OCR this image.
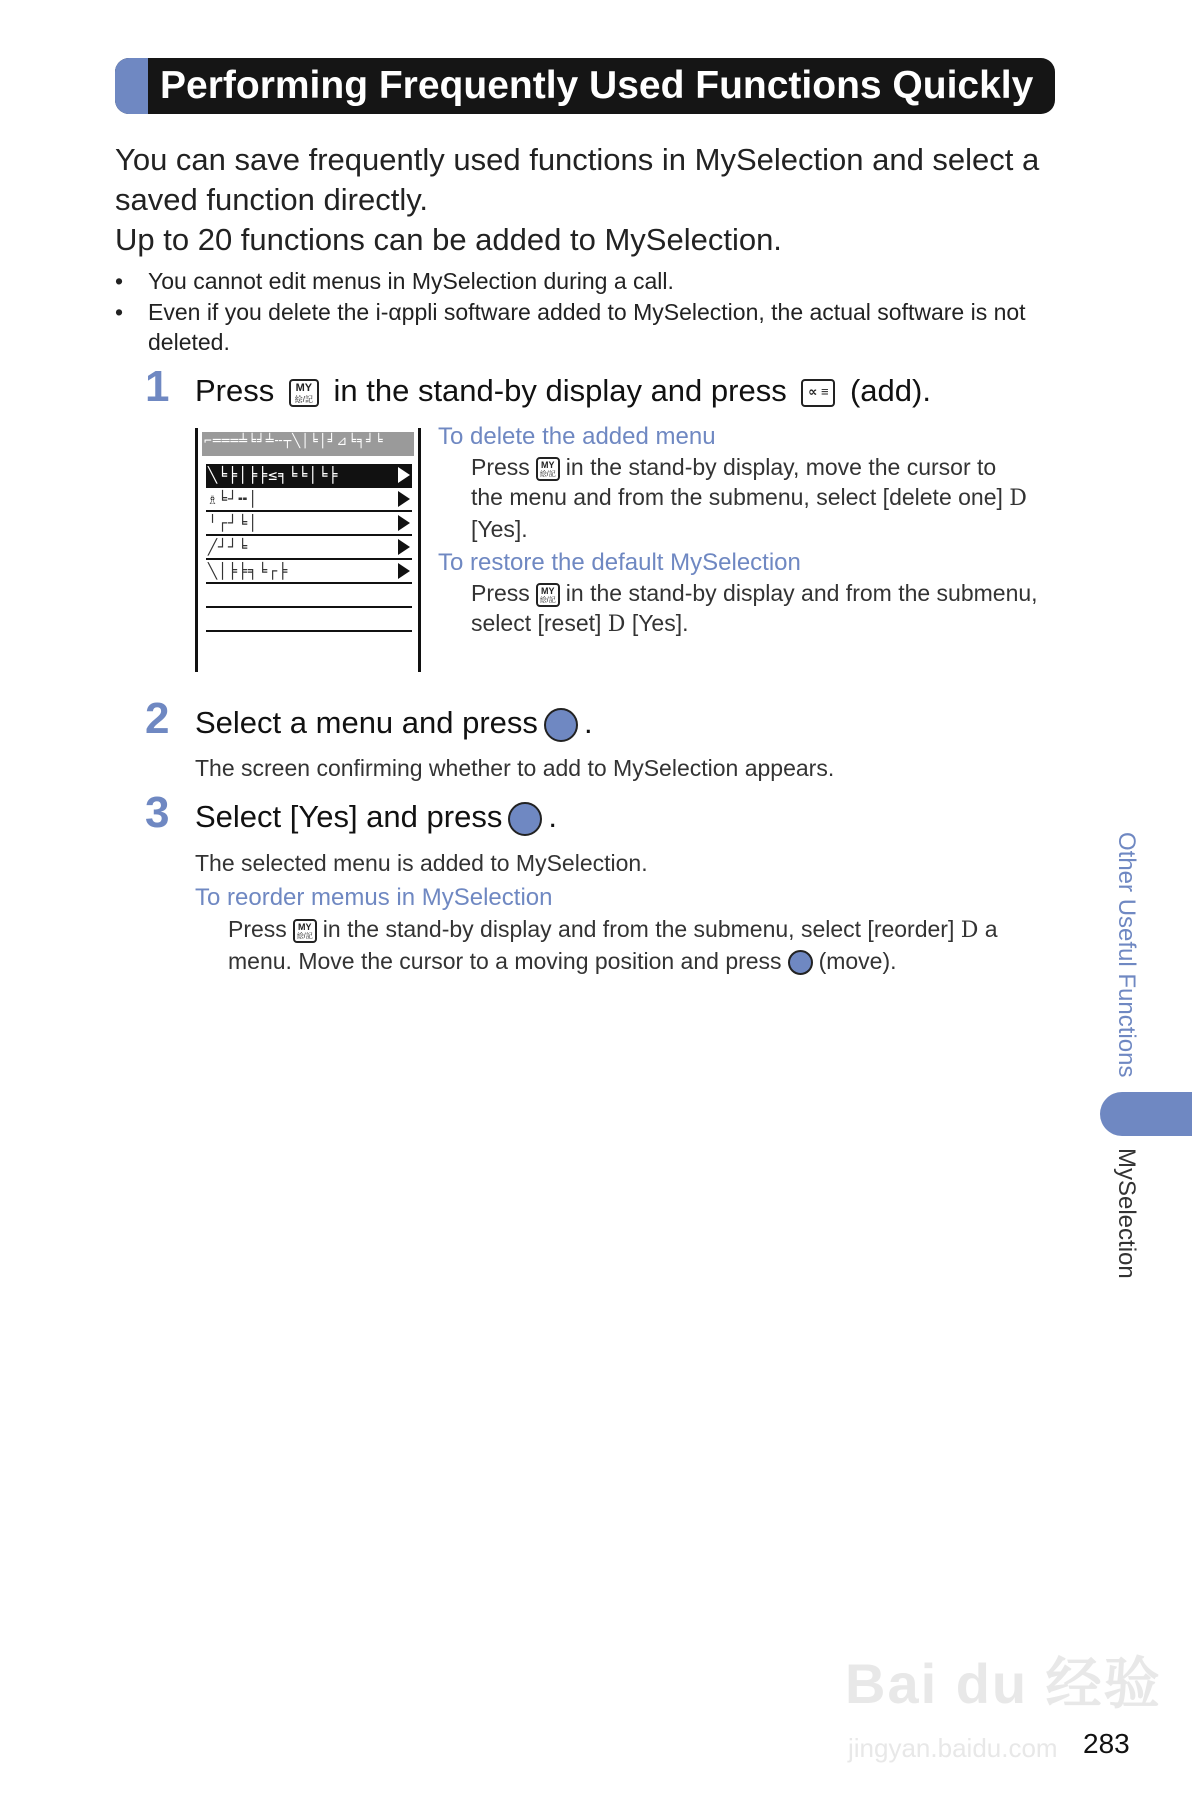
Performing Frequently Used Functions Quickly
You can save frequently used functions in MySelection and select a
saved function directly.
Up to 20 functions can be added to MySelection.
• You cannot edit menus in MySelection during a call.
• Even if you delete the i-αppli software added to MySelection, the actual software is not
deleted.
1 Press	MY
絵/記 in the stand-by display and press	∝ ≡ (add).
⌐═══╧╘╛╧╌┬╲│╘│╛⊿╘╕╛╘
╲╘╞│╞╞≤╕╘╘│╘╞
♗╘┘╍│
╵┌┘╘│
╱┘┘╘
╲│╞╞╕╘┌╞
To delete the added menu
Press	MY
絵/記 in the stand-by display, move the cursor to
the menu and from the submenu, select [delete one] D
[Yes].
To restore the default MySelection
Press	MY
絵/記 in the stand-by display and from the submenu,
select [reset] D [Yes].
2 Select a menu and press .
The screen confirming whether to add to MySelection appears.
3 Select [Yes] and press .
The selected menu is added to MySelection.
To reorder memus in MySelection
Press	MY
絵/記 in the stand-by display and from the submenu, select [reorder] D a
menu. Move the cursor to a moving position and press (move).	Other Useful Functions
MySelection
Bai du 经验
jingyan.baidu.com 283
